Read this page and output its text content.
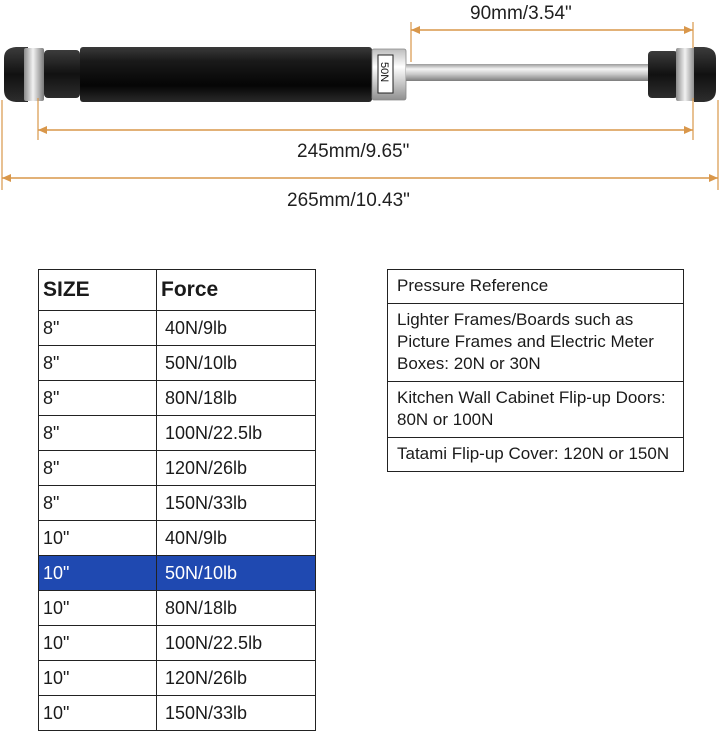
50N
90mm/3.54"
245mm/9.65"
265mm/10.43"
SIZE	Force
8"	40N/9lb
8"	50N/10lb
8"	80N/18lb
8"	100N/22.5lb
8"	120N/26lb
8"	150N/33lb
10"	40N/9lb
10"	50N/10lb
10"	80N/18lb
10"	100N/22.5lb
10"	120N/26lb
10"	150N/33lb
Pressure Reference
Lighter Frames/Boards such as Picture Frames and Electric Meter Boxes: 20N or 30N
Kitchen Wall Cabinet Flip-up Doors: 80N or 100N
Tatami Flip-up Cover: 120N or 150N
